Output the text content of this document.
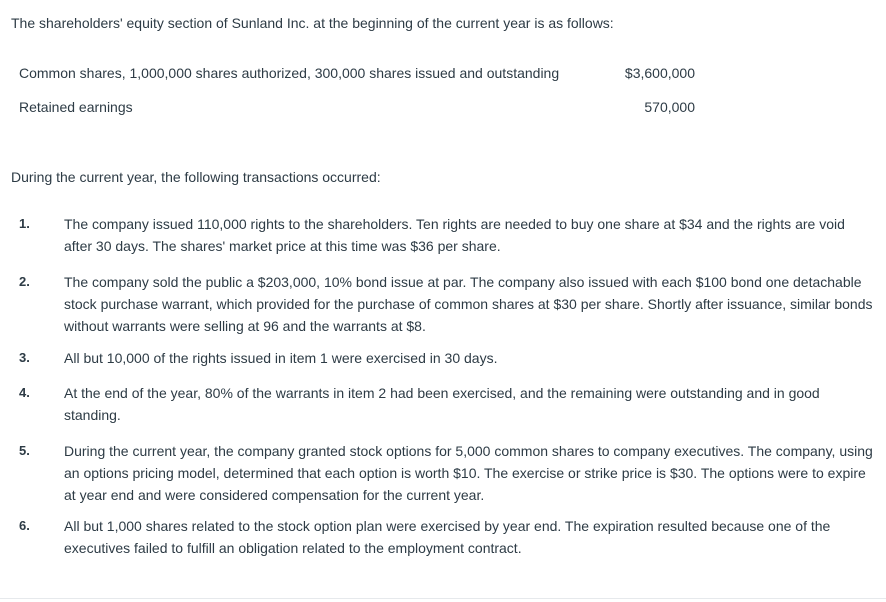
The shareholders' equity section of Sunland Inc. at the beginning of the current year is as follows:

Common shares, 1,000,000 shares authorized, 300,000 shares issued and outstanding	$3,600,000
Retained earnings	570,000

During the current year, the following transactions occurred:

1. The company issued 110,000 rights to the shareholders. Ten rights are needed to buy one share at $34 and the rights are void after 30 days. The shares' market price at this time was $36 per share.
2. The company sold the public a $203,000, 10% bond issue at par. The company also issued with each $100 bond one detachable stock purchase warrant, which provided for the purchase of common shares at $30 per share. Shortly after issuance, similar bonds without warrants were selling at 96 and the warrants at $8.
3. All but 10,000 of the rights issued in item 1 were exercised in 30 days.
4. At the end of the year, 80% of the warrants in item 2 had been exercised, and the remaining were outstanding and in good standing.
5. During the current year, the company granted stock options for 5,000 common shares to company executives. The company, using an options pricing model, determined that each option is worth $10. The exercise or strike price is $30. The options were to expire at year end and were considered compensation for the current year.
6. All but 1,000 shares related to the stock option plan were exercised by year end. The expiration resulted because one of the executives failed to fulfill an obligation related to the employment contract.
